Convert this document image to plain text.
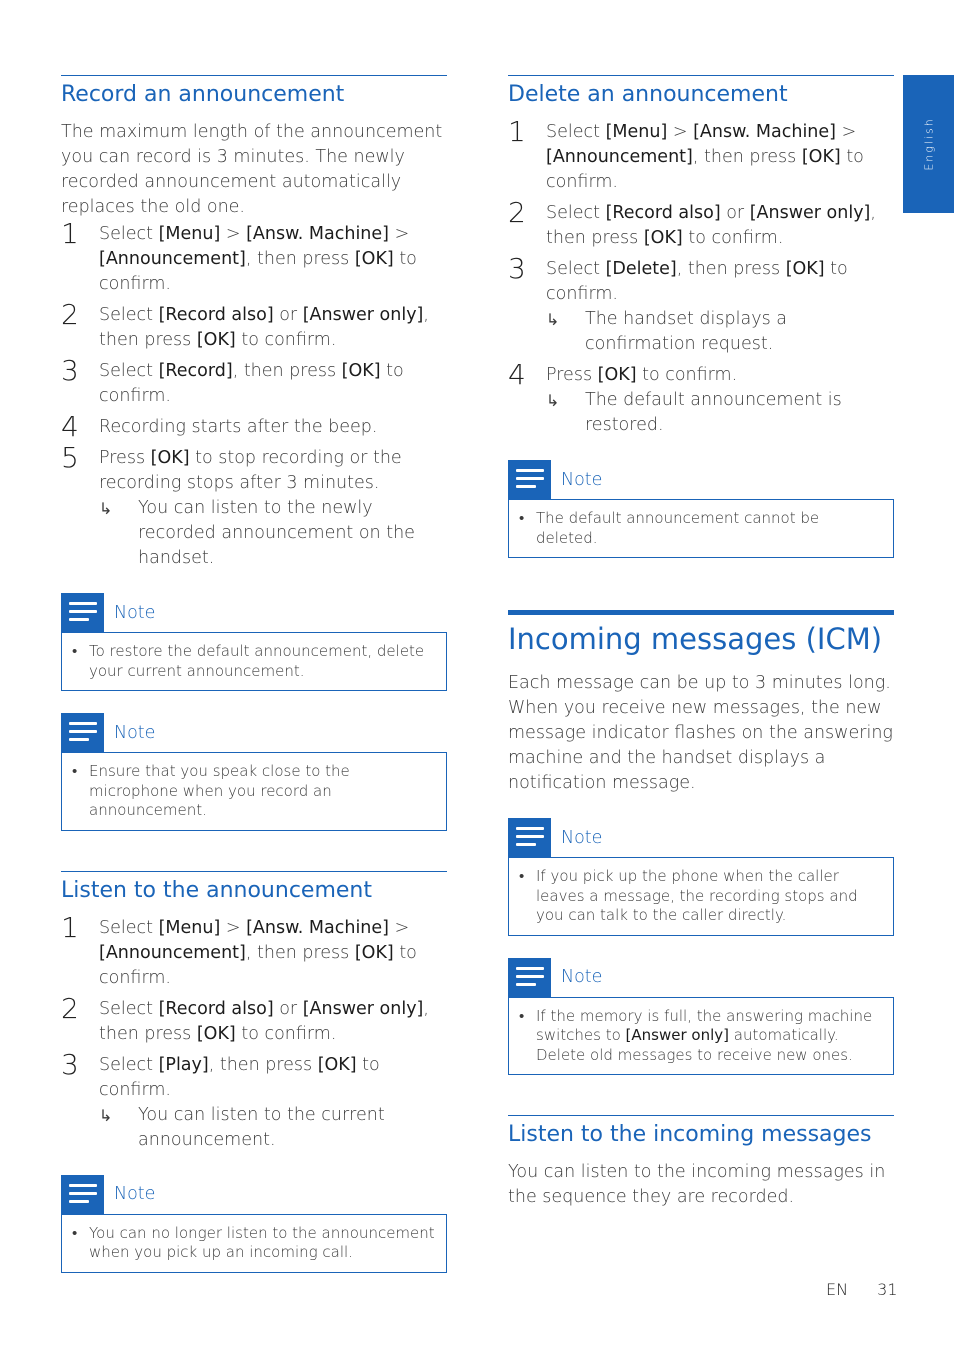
English
Record an announcement

The maximum length of the announcement you can record is 3 minutes. The newly recorded announcement automatically replaces the old one.

1 Select [Menu] > [Answ. Machine] > [Announcement], then press [OK] to confirm.
2 Select [Record also] or [Answer only], then press [OK] to confirm.
3 Select [Record], then press [OK] to confirm.
4 Recording starts after the beep.
5 Press [OK] to stop recording or the recording stops after 3 minutes.
↳ You can listen to the newly recorded announcement on the handset.
Note
• To restore the default announcement, delete your current announcement.
Note
• Ensure that you speak close to the microphone when you record an announcement.
Listen to the announcement
1 Select [Menu] > [Answ. Machine] > [Announcement], then press [OK] to confirm.
2 Select [Record also] or [Answer only], then press [OK] to confirm.
3 Select [Play], then press [OK] to confirm.
↳ You can listen to the current announcement.
Note
• You can no longer listen to the announcement when you pick up an incoming call.
Delete an announcement
1 Select [Menu] > [Answ. Machine] > [Announcement], then press [OK] to confirm.
2 Select [Record also] or [Answer only], then press [OK] to confirm.
3 Select [Delete], then press [OK] to confirm.
↳ The handset displays a confirmation request.
4 Press [OK] to confirm.
↳ The default announcement is restored.
Note
• The default announcement cannot be deleted.
Incoming messages (ICM)

Each message can be up to 3 minutes long. When you receive new messages, the new message indicator flashes on the answering machine and the handset displays a notification message.

Note
• If you pick up the phone when the caller leaves a message, the recording stops and you can talk to the caller directly.
Note
• If the memory is full, the answering machine switches to [Answer only] automatically. Delete old messages to receive new ones.
Listen to the incoming messages

You can listen to the incoming messages in the sequence they are recorded.

EN 31
